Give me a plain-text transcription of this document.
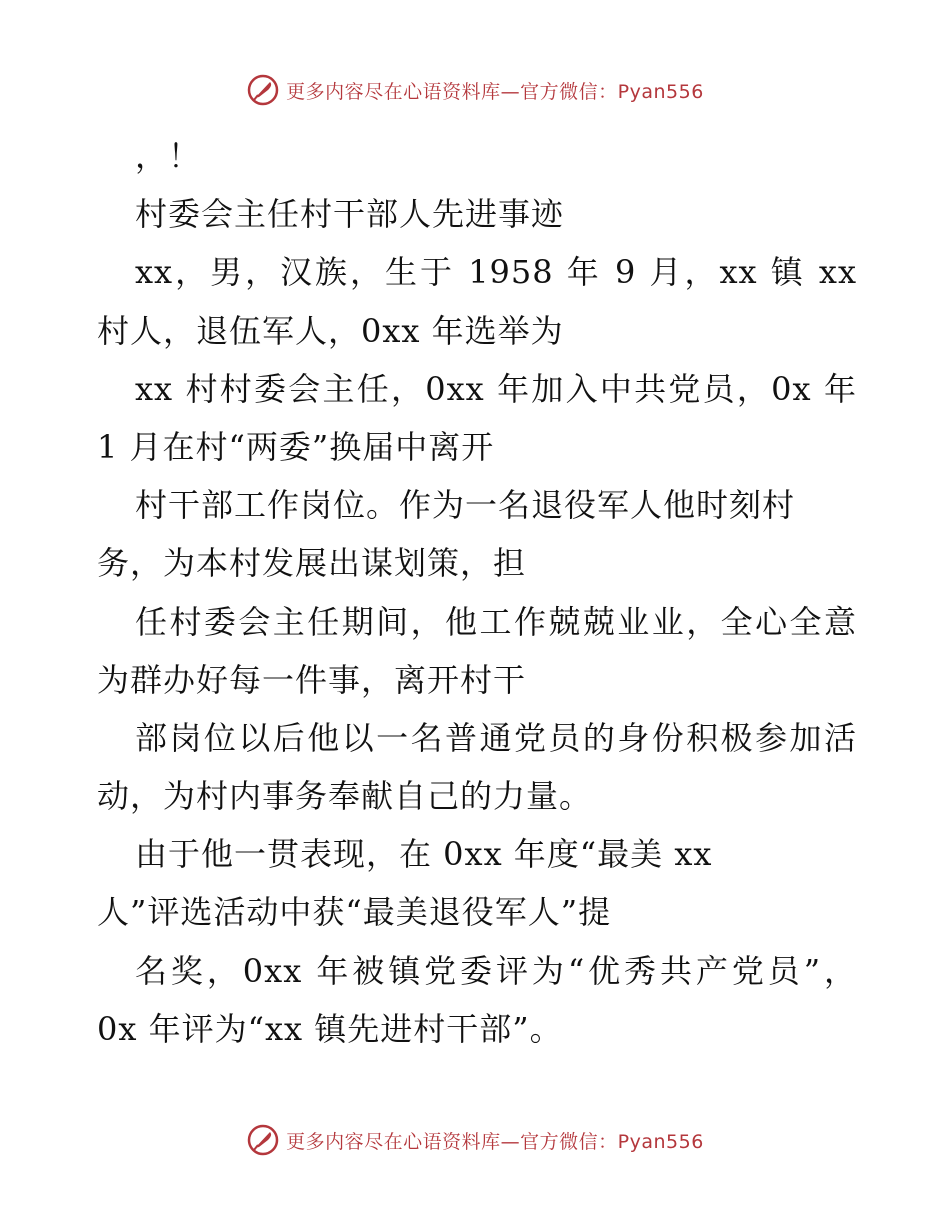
更多内容尽在心语资料库—官方微信：Pyan556
，！
村委会主任村干部人先进事迹
xx，男，汉族，生于 1958 年 9 月，xx 镇 xx
村人，退伍军人，0xx 年选举为
xx 村村委会主任，0xx 年加入中共党员，0x 年
1 月在村“两委”换届中离开
村干部工作岗位。作为一名退役军人他时刻村
务，为本村发展出谋划策，担
任村委会主任期间，他工作兢兢业业，全心全意
为群办好每一件事，离开村干
部岗位以后他以一名普通党员的身份积极参加活
动，为村内事务奉献自己的力量。
由于他一贯表现，在 0xx 年度“最美 xx
人”评选活动中获“最美退役军人”提
名奖，0xx 年被镇党委评为“优秀共产党员”，
0x 年评为“xx 镇先进村干部”。
更多内容尽在心语资料库—官方微信：Pyan556
